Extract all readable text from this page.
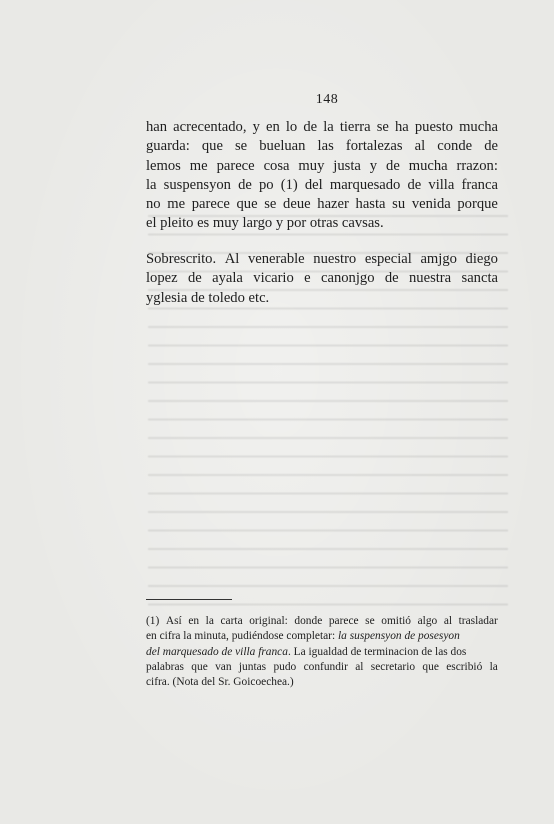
148
han acrecentado, y en lo de la tierra se ha puesto mucha
guarda: que se bueluan las fortalezas al conde de
lemos me parece cosa muy justa y de mucha rrazon:
la suspensyon de po (1) del marquesado de villa franca
no me parece que se deue hazer hasta su venida porque
el pleito es muy largo y por otras cavsas.
Sobrescrito. Al venerable nuestro especial amjgo diego
lopez de ayala vicario e canonjgo de nuestra sancta
yglesia de toledo etc.
(1) Así en la carta original: donde parece se omitió algo al trasladar
en cifra la minuta, pudiéndose completar: la suspensyon de posesyon
del marquesado de villa franca . La igualdad de terminacion de las dos
palabras que van juntas pudo confundir al secretario que escribió la
cifra. (Nota del Sr. Goicoechea.)
